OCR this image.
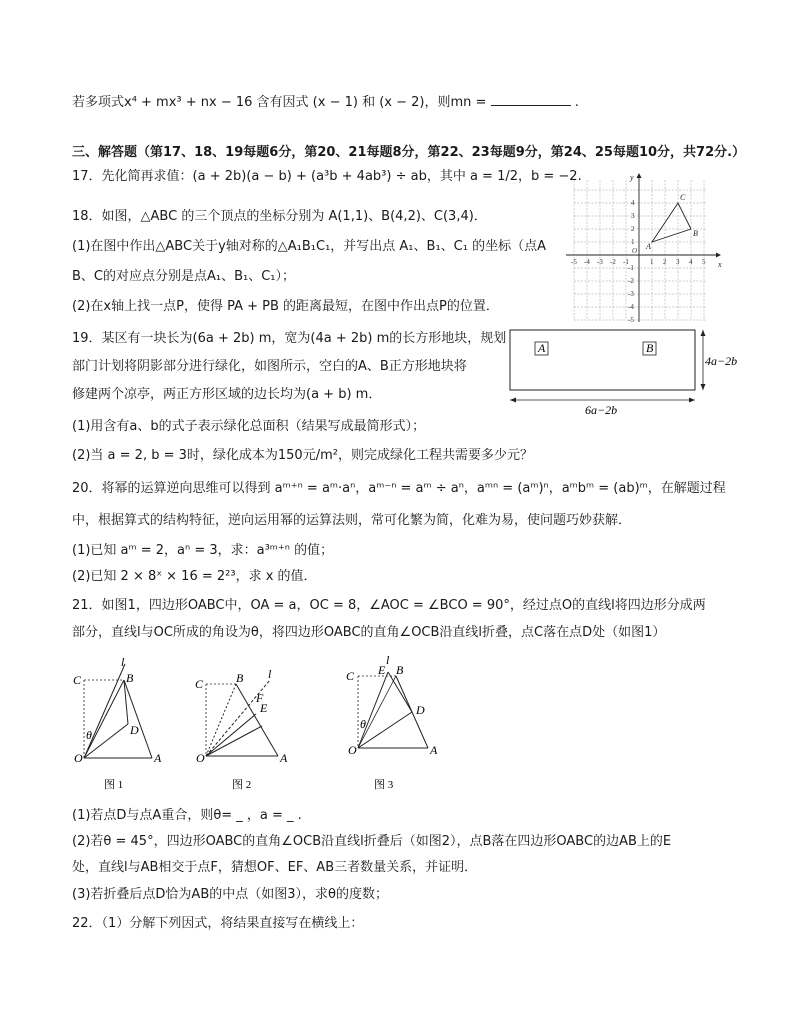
若多项式x⁴ + mx³ + nx − 16 含有因式 (x − 1) 和 (x − 2)，则mn =	.
三、解答题（第17、18、19每题6分，第20、21每题8分，第22、23每题9分，第24、25每题10分，共72分.）
17．先化简再求值：(a + 2b)(a − b) + (a³b + 4ab³) ÷ ab，其中 a = 1/2，b = −2.
18．如图，△ABC 的三个顶点的坐标分别为 A(1,1)、B(4,2)、C(3,4)．
(1)在图中作出△ABC关于y轴对称的△A₁B₁C₁，并写出点 A₁、B₁、C₁ 的坐标（点A
B、C的对应点分别是点A₁、B₁、C₁）；
(2)在x轴上找一点P，使得 PA + PB 的距离最短，在图中作出点P的位置．
-5 -4 -3 -2 -1
O
1 2 3 4 5
4
3
2
1
-1
-2
-3
-4
-5
x
y
A
B
C
19．某区有一块长为(6a + 2b) m，宽为(4a + 2b) m的长方形地块，规划
部门计划将阴影部分进行绿化，如图所示，空白的A、B正方形地块将
修建两个凉亭，两正方形区域的边长均为(a + b) m．
(1)用含有a、b的式子表示绿化总面积（结果写成最简形式）；
(2)当 a = 2, b = 3时，绿化成本为150元/m²，则完成绿化工程共需要多少元？
A	B
4a−2b
6a−2b
20．将幂的运算逆向思维可以得到 aᵐ⁺ⁿ = aᵐ·aⁿ，aᵐ⁻ⁿ = aᵐ ÷ aⁿ，aᵐⁿ = (aᵐ)ⁿ，aᵐbᵐ = (ab)ᵐ，在解题过程
中，根据算式的结构特征，逆向运用幂的运算法则，常可化繁为简，化难为易，使问题巧妙获解．
(1)已知 aᵐ = 2，aⁿ = 3，求：a³ᵐ⁺ⁿ 的值；
(2)已知 2 × 8ˣ × 16 = 2²³，求 x 的值．
21．如图1，四边形OABC中，OA = a，OC = 8，∠AOC = ∠BCO = 90°，经过点O的直线l将四边形分成两
部分，直线l与OC所成的角设为θ，将四边形OABC的直角∠OCB沿直线l折叠，点C落在点D处（如图1）
O	A
B
C
D
l
θ
图 1
O	A
B
C
F
E
l
图 2
O	A
B
C
D
E
l
θ
图 3
(1)若点D与点A重合，则θ= _ ，a = _ .
(2)若θ = 45°，四边形OABC的直角∠OCB沿直线l折叠后（如图2），点B落在四边形OABC的边AB上的E
处，直线l与AB相交于点F，猜想OF、EF、AB三者数量关系，并证明．
(3)若折叠后点D恰为AB的中点（如图3），求θ的度数；
22．（1）分解下列因式，将结果直接写在横线上：
